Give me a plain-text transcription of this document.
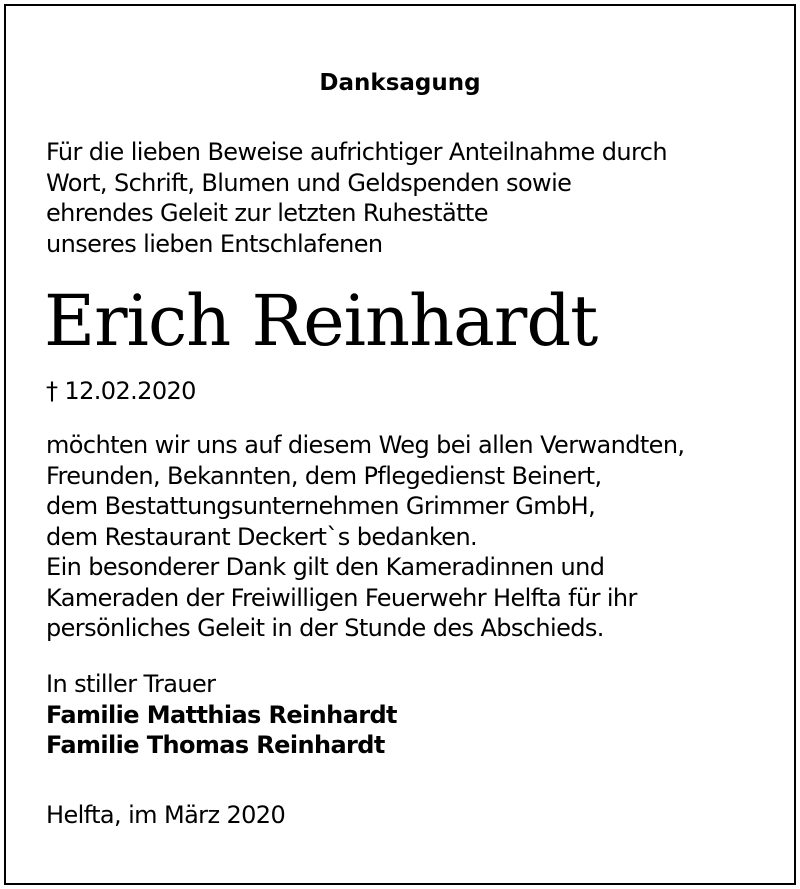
Danksagung
Für die lieben Beweise aufrichtiger Anteilnahme durch
Wort, Schrift, Blumen und Geldspenden sowie
ehrendes Geleit zur letzten Ruhestätte
unseres lieben Entschlafenen
Erich Reinhardt
† 12.02.2020
möchten wir uns auf diesem Weg bei allen Verwandten,
Freunden, Bekannten, dem Pflegedienst Beinert,
dem Bestattungsunternehmen Grimmer GmbH,
dem Restaurant Deckert`s bedanken.
Ein besonderer Dank gilt den Kameradinnen und
Kameraden der Freiwilligen Feuerwehr Helfta für ihr
persönliches Geleit in der Stunde des Abschieds.
In stiller Trauer
Familie Matthias Reinhardt
Familie Thomas Reinhardt
Helfta, im März 2020
